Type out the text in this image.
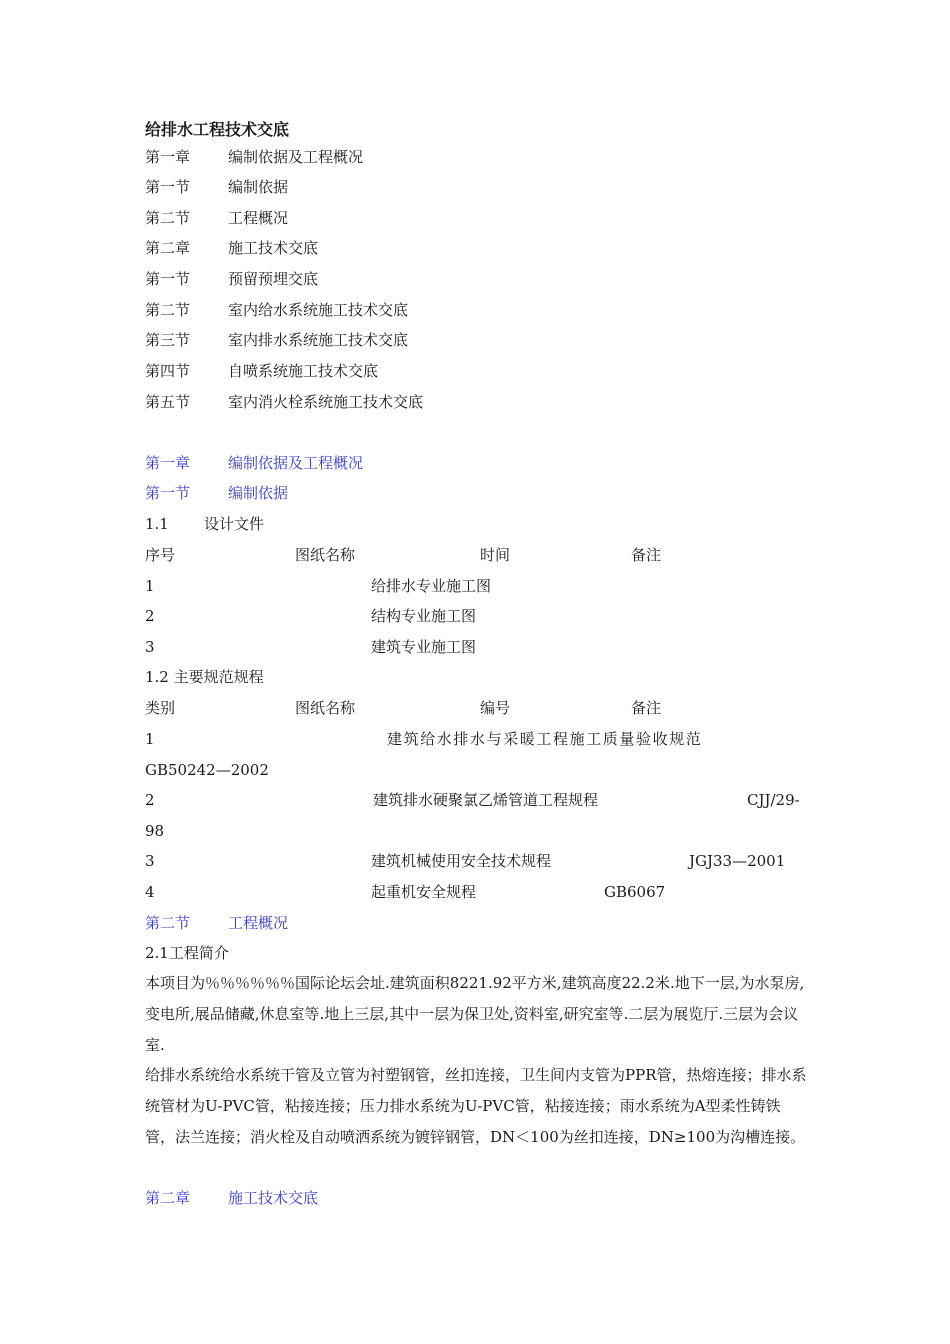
给排水工程技术交底
第一章	编制依据及工程概况
第一节	编制依据
第二节	工程概况
第二章	施工技术交底
第一节	预留预埋交底
第二节	室内给水系统施工技术交底
第三节	室内排水系统施工技术交底
第四节	自喷系统施工技术交底
第五节	室内消火栓系统施工技术交底
第一章	编制依据及工程概况
第一节	编制依据
1.1 设计文件
序号	图纸名称	时间	备注
1	给排水专业施工图
2	结构专业施工图
3	建筑专业施工图
1.2 主要规范规程
类别	图纸名称	编号	备注
1	建筑给水排水与采暖工程施工质量验收规范
GB50242—2002
2	建筑排水硬聚氯乙烯管道工程规程	CJJ/29-
98
3	建筑机械使用安全技术规程	JGJ33—2001
4	起重机安全规程	GB6067
第二节	工程概况
2.1工程简介
本项目为％％％％％％国际论坛会址.建筑面积8221.92平方米,建筑高度22.2米.地下一层,为水泵房,变电所,展品储藏,休息室等.地上三层,其中一层为保卫处,资料室,研究室等.二层为展览厅.三层为会议室.
给排水系统给水系统干管及立管为衬塑钢管，丝扣连接，卫生间内支管为PPR管，热熔连接；排水系统管材为U-PVC管，粘接连接；压力排水系统为U-PVC管，粘接连接；雨水系统为A型柔性铸铁管，法兰连接；消火栓及自动喷洒系统为镀锌钢管，DN＜100为丝扣连接，DN≥100为沟槽连接。
第二章	施工技术交底
